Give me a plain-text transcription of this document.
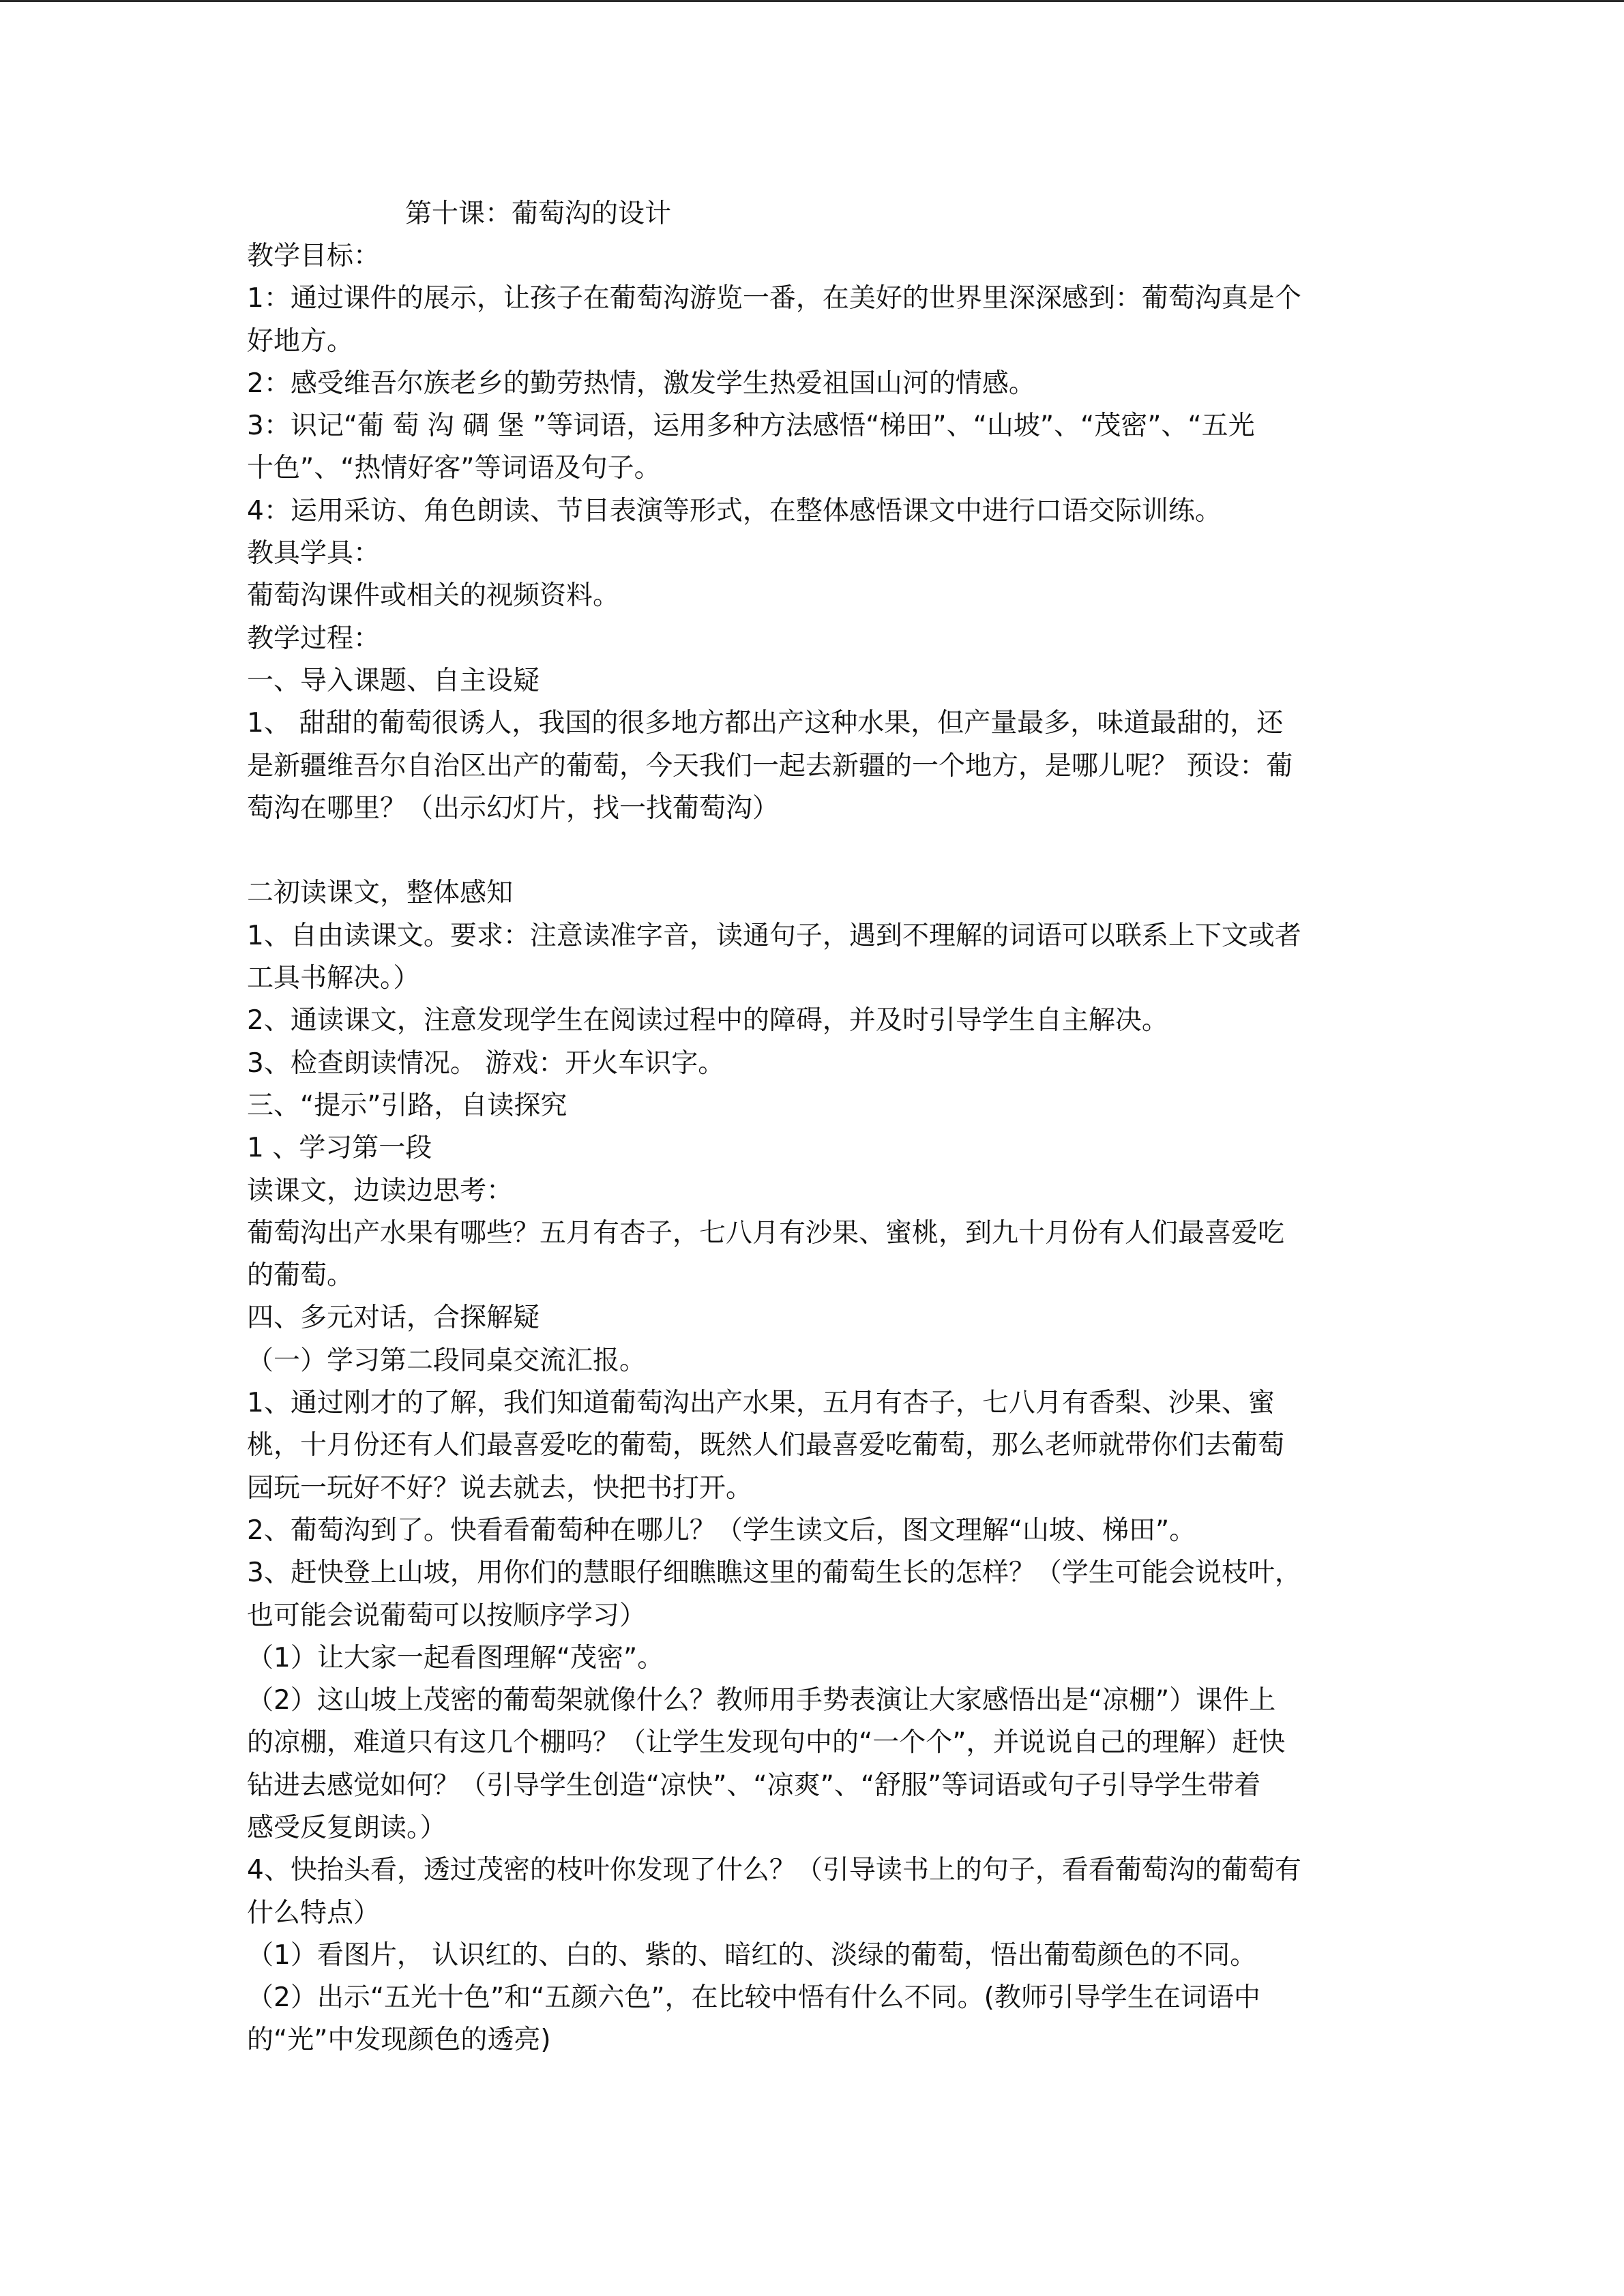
第十课：葡萄沟的设计

教学目标：

1：通过课件的展示，让孩子在葡萄沟游览一番，在美好的世界里深深感到：葡萄沟真是个

好地方。

2：感受维吾尔族老乡的勤劳热情，激发学生热爱祖国山河的情感。

3：识记“葡 萄 沟 碉 堡 ”等词语，运用多种方法感悟“梯田”、“山坡”、“茂密”、“五光

十色”、“热情好客”等词语及句子。

4：运用采访、角色朗读、节目表演等形式，在整体感悟课文中进行口语交际训练。

教具学具：

葡萄沟课件或相关的视频资料。

教学过程：

一、导入课题、自主设疑

1、 甜甜的葡萄很诱人，我国的很多地方都出产这种水果，但产量最多，味道最甜的，还

是新疆维吾尔自治区出产的葡萄，今天我们一起去新疆的一个地方，是哪儿呢？ 预设：葡

萄沟在哪里？（出示幻灯片，找一找葡萄沟）

二初读课文，整体感知

1、自由读课文。要求：注意读准字音，读通句子，遇到不理解的词语可以联系上下文或者

工具书解决。）

2、通读课文，注意发现学生在阅读过程中的障碍，并及时引导学生自主解决。

3、检查朗读情况。 游戏：开火车识字。

三、“提示”引路，自读探究

1 、学习第一段

读课文，边读边思考：

葡萄沟出产水果有哪些？五月有杏子，七八月有沙果、蜜桃，到九十月份有人们最喜爱吃

的葡萄。

四、多元对话，合探解疑

（一）学习第二段同桌交流汇报。

1、通过刚才的了解，我们知道葡萄沟出产水果，五月有杏子，七八月有香梨、沙果、蜜

桃，十月份还有人们最喜爱吃的葡萄，既然人们最喜爱吃葡萄，那么老师就带你们去葡萄

园玩一玩好不好？说去就去，快把书打开。

2、葡萄沟到了。快看看葡萄种在哪儿？（学生读文后，图文理解“山坡、梯田”。

3、赶快登上山坡，用你们的慧眼仔细瞧瞧这里的葡萄生长的怎样？（学生可能会说枝叶，

也可能会说葡萄可以按顺序学习）

（1）让大家一起看图理解“茂密”。

（2）这山坡上茂密的葡萄架就像什么？教师用手势表演让大家感悟出是“凉棚”）课件上

的凉棚，难道只有这几个棚吗？（让学生发现句中的“一个个”，并说说自己的理解）赶快

钻进去感觉如何？（引导学生创造“凉快”、“凉爽”、“舒服”等词语或句子引导学生带着

感受反复朗读。）

4、快抬头看，透过茂密的枝叶你发现了什么？（引导读书上的句子，看看葡萄沟的葡萄有

什么特点）

（1）看图片， 认识红的、白的、紫的、暗红的、淡绿的葡萄，悟出葡萄颜色的不同。

（2）出示“五光十色”和“五颜六色”，在比较中悟有什么不同。(教师引导学生在词语中

的“光”中发现颜色的透亮)
